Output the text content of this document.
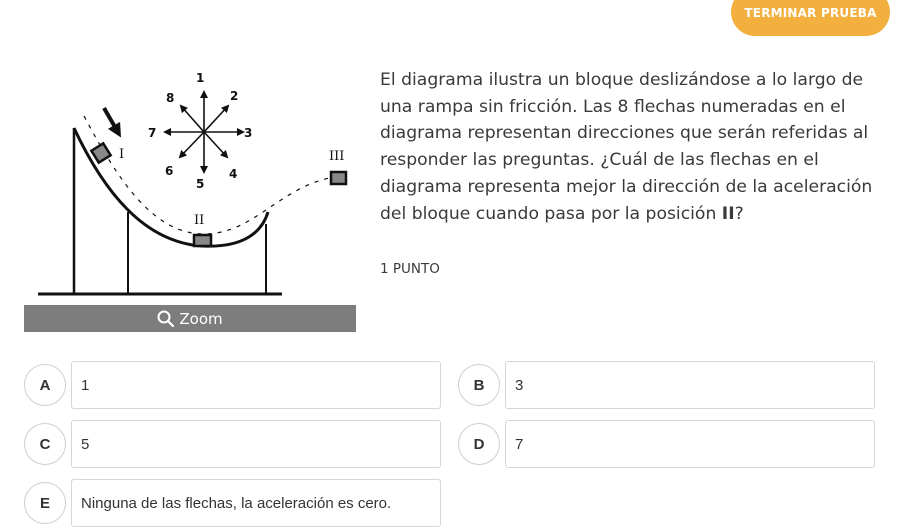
TERMINAR PRUEBA
I
II
III
1
2
3
4
5
6
7
8
Zoom
El diagrama ilustra un bloque deslizándose a lo largo de una rampa sin fricción. Las 8 flechas numeradas en el diagrama representan direcciones que serán referidas al responder las preguntas. ¿Cuál de las flechas en el diagrama representa mejor la dirección de la aceleración del bloque cuando pasa por la posición II?
1 PUNTO
A	1	B	3
C	5	D	7
E	Ninguna de las flechas, la aceleración es cero.
